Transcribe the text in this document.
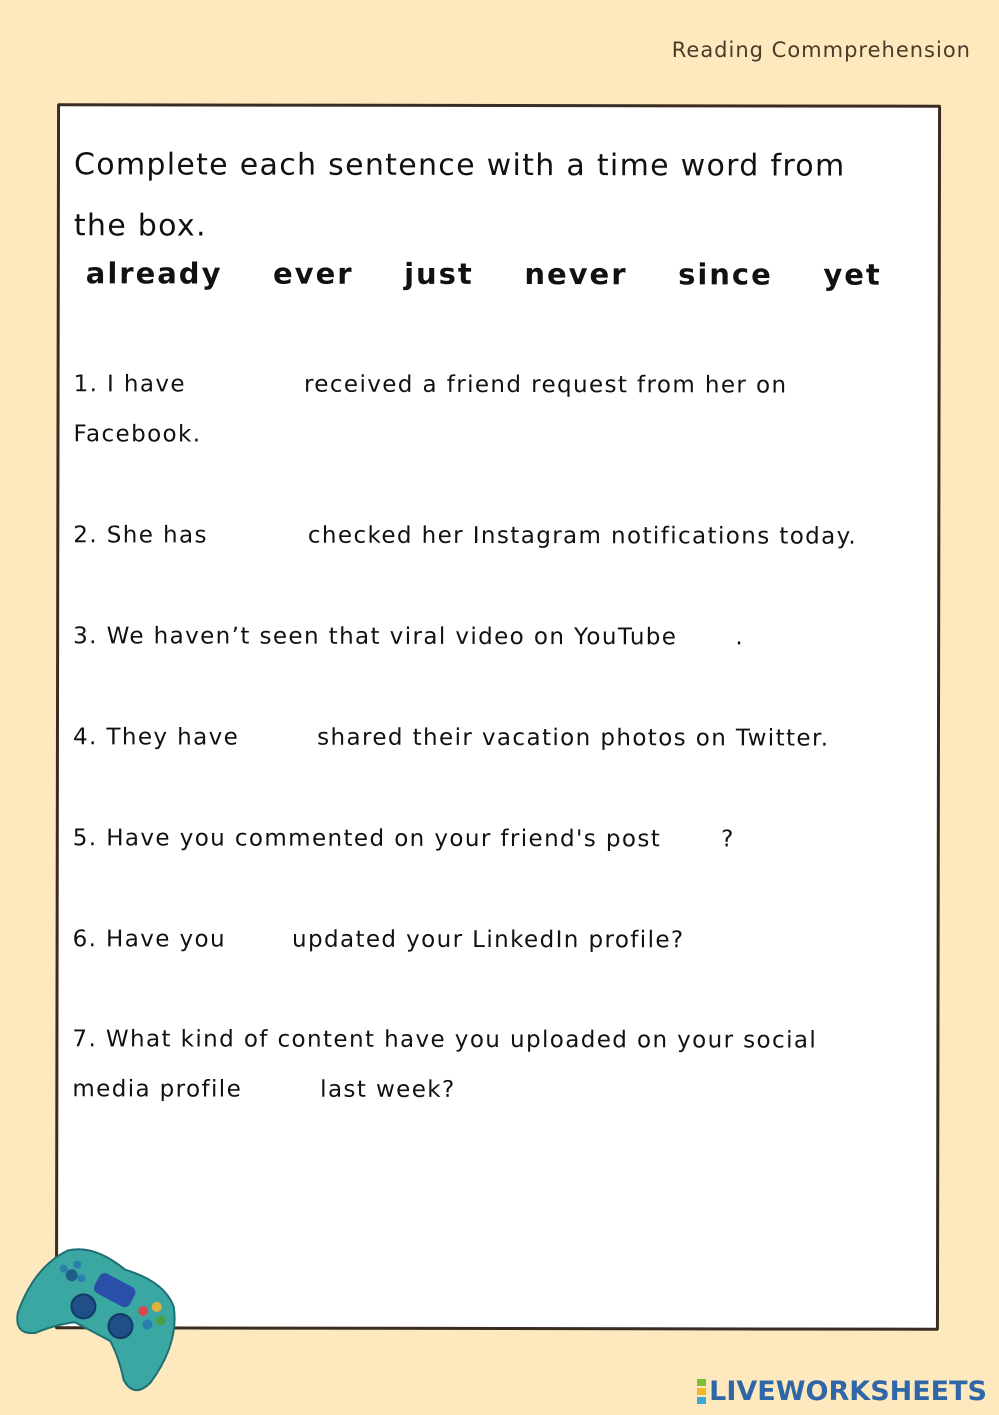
Reading Commprehension

Complete each sentence with a time word from the box.

already ever just never since yet

1. I have	received a friend request from her on Facebook.

2. She has	checked her Instagram notifications today.

3. We haven’t seen that viral video on YouTube	.

4. They have	shared their vacation photos on Twitter.

5. Have you commented on your friend's post	?

6. Have you	updated your LinkedIn profile?

7. What kind of content have you uploaded on your social media profile	last week?

LIVEWORKSHEETS
